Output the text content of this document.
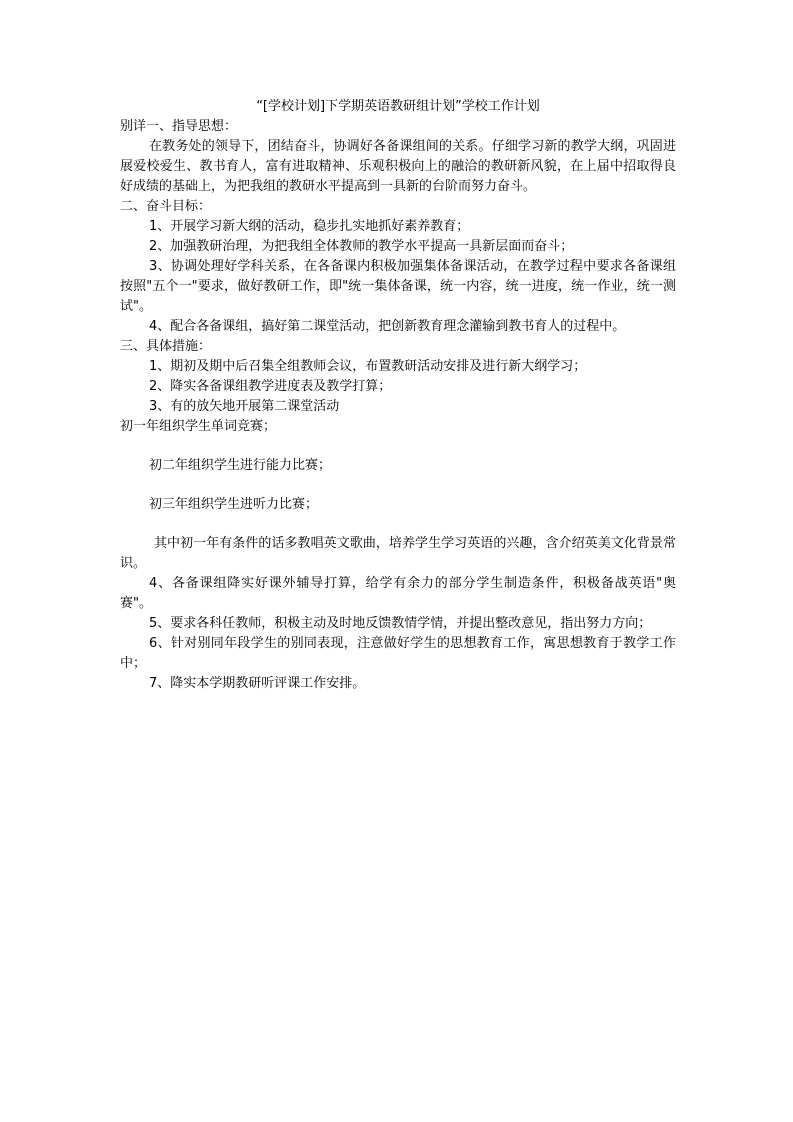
“[学校计划]下学期英语教研组计划”学校工作计划

别详一、指导思想：

在教务处的领导下，团结奋斗，协调好各备课组间的关系。仔细学习新的教学大纲，巩固进展爱校爱生、教书育人，富有进取精神、乐观积极向上的融洽的教研新风貌，在上届中招取得良好成绩的基础上，为把我组的教研水平提高到一具新的台阶而努力奋斗。

二、奋斗目标：

1、开展学习新大纲的活动，稳步扎实地抓好素养教育；

2、加强教研治理，为把我组全体教师的教学水平提高一具新层面而奋斗；

3、协调处理好学科关系，在各备课内积极加强集体备课活动，在教学过程中要求各备课组按照"五个一"要求，做好教研工作，即"统一集体备课，统一内容，统一进度，统一作业，统一测试"。

4、配合各备课组，搞好第二课堂活动，把创新教育理念灌输到教书育人的过程中。

三、具体措施：

1、期初及期中后召集全组教师会议，布置教研活动安排及进行新大纲学习；

2、降实各备课组教学进度表及教学打算；

3、有的放矢地开展第二课堂活动

初一年组织学生单词竞赛；

初二年组织学生进行能力比赛；

初三年组织学生进听力比赛；

其中初一年有条件的话多教唱英文歌曲，培养学生学习英语的兴趣，含介绍英美文化背景常识。

4、各备课组降实好课外辅导打算，给学有余力的部分学生制造条件，积极备战英语"奥赛"。

5、要求各科任教师，积极主动及时地反馈教情学情，并提出整改意见，指出努力方向；

6、针对别同年段学生的别同表现，注意做好学生的思想教育工作，寓思想教育于教学工作中；

7、降实本学期教研听评课工作安排。
